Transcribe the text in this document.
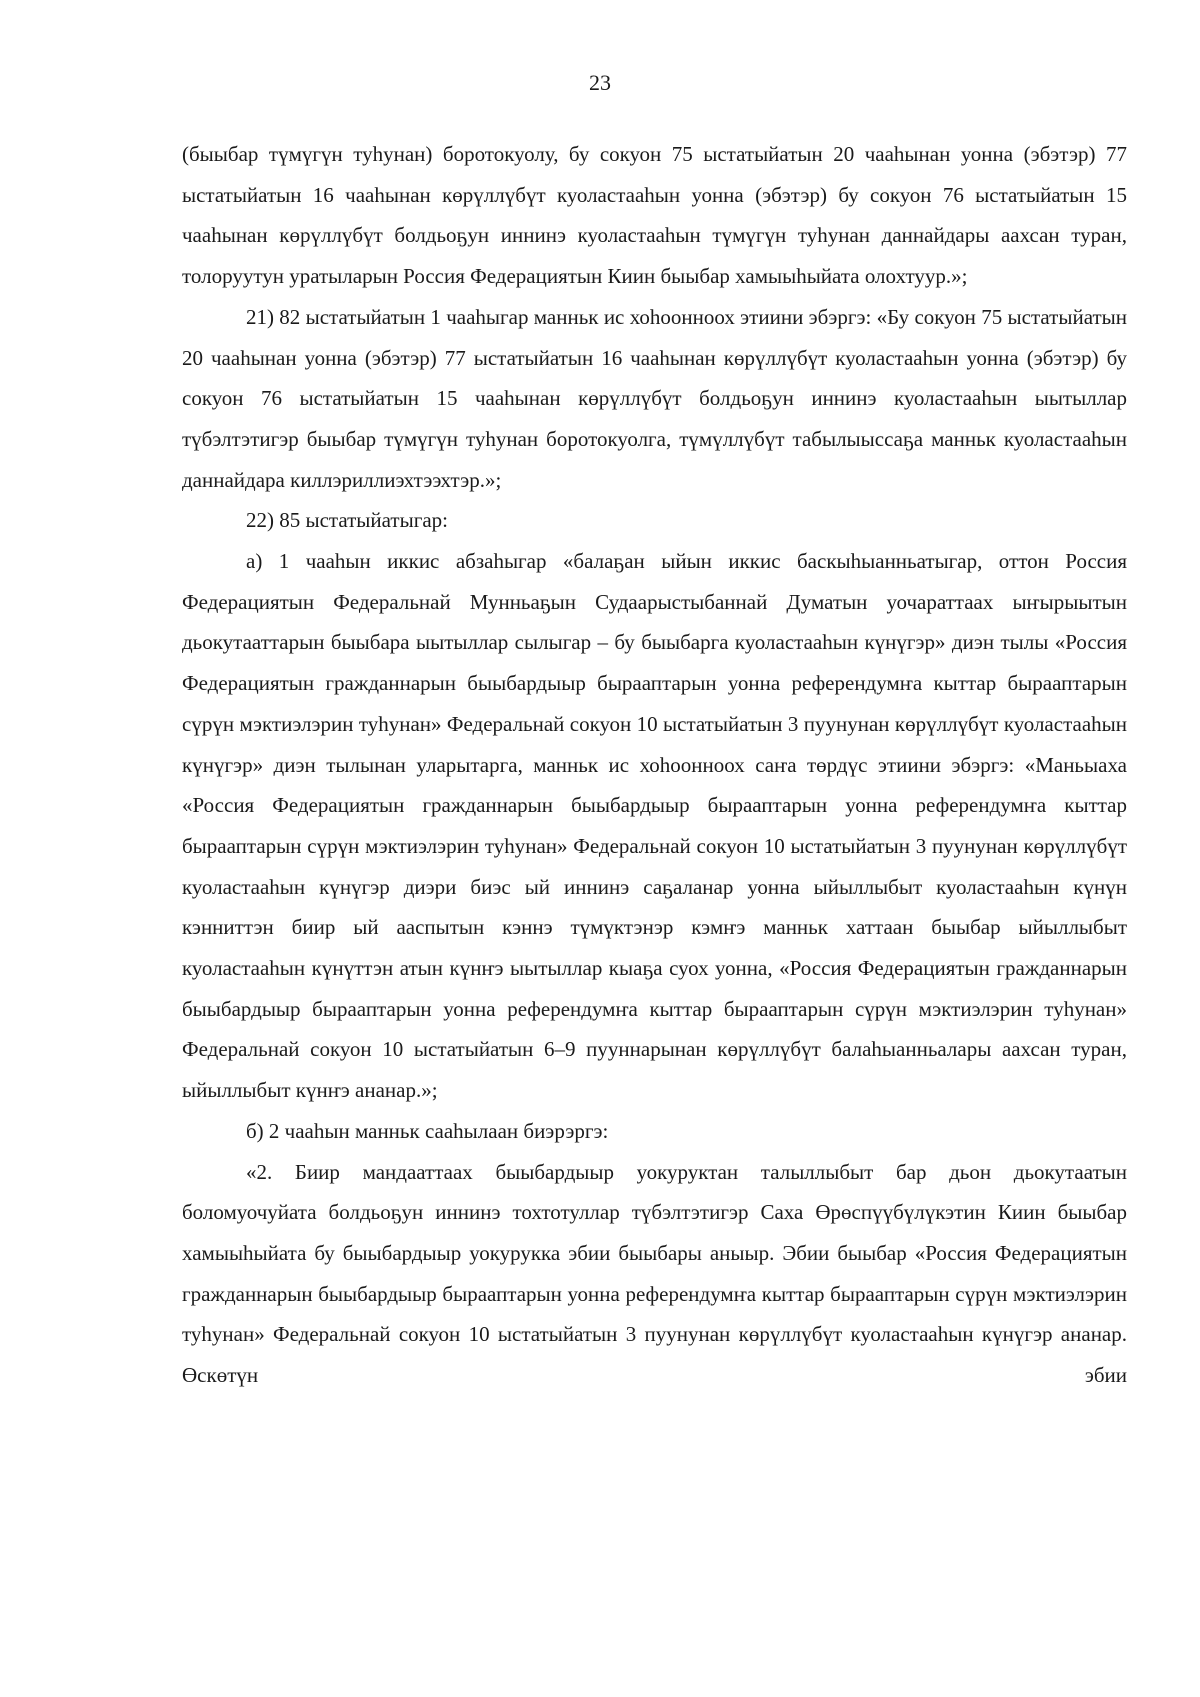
23

(быыбар түмүгүн туһунан) боротокуолу, бу сокуон 75 ыстатыйатын 20 чааһынан уонна (эбэтэр) 77 ыстатыйатын 16 чааһынан көрүллүбүт куоластааһын уонна (эбэтэр) бу сокуон 76 ыстатыйатын 15 чааһынан көрүллүбүт болдьоҕун иннинэ куоластааһын түмүгүн туһунан даннайдары аахсан туран, толоруутун уратыларын Россия Федерациятын Киин быыбар хамыыһыйата олохтуур.»;

21) 82 ыстатыйатын 1 чааһыгар манньк ис хоһоонноох этиини эбэргэ: «Бу сокуон 75 ыстатыйатын 20 чааһынан уонна (эбэтэр) 77 ыстатыйатын 16 чааһынан көрүллүбүт куоластааһын уонна (эбэтэр) бу сокуон 76 ыстатыйатын 15 чааһынан көрүллүбүт болдьоҕун иннинэ куоластааһын ыытыллар түбэлтэтигэр быыбар түмүгүн туһунан боротокуолга, түмүллүбүт табылыыссаҕа манньк куоластааһын даннайдара киллэриллиэхтээхтэр.»;

22) 85 ыстатыйатыгар:

а) 1 чааһын иккис абзаһыгар «балаҕан ыйын иккис баскыһыанньатыгар, оттон Россия Федерациятын Федеральнай Мунньаҕын Судаарыстыбаннай Думатын уочараттаах ыҥырыытын дьокутааттарын быыбара ыытыллар сылыгар – бу быыбарга куоластааһын күнүгэр» диэн тылы «Россия Федерациятын гражданнарын быыбардыыр бырааптарын уонна референдумҥа кыттар бырааптарын сүрүн мэктиэлэрин туһунан» Федеральнай сокуон 10 ыстатыйатын 3 пуунунан көрүллүбүт куоластааһын күнүгэр» диэн тылынан уларытарга, манньк ис хоһоонноох саҥа төрдүс этиини эбэргэ: «Маньыаха «Россия Федерациятын гражданнарын быыбардыыр бырааптарын уонна референдумҥа кыттар бырааптарын сүрүн мэктиэлэрин туһунан» Федеральнай сокуон 10 ыстатыйатын 3 пуунунан көрүллүбүт куоластааһын күнүгэр диэри биэс ый иннинэ саҕаланар уонна ыйыллыбыт куоластааһын күнүн кэнниттэн биир ый ааспытын кэннэ түмүктэнэр кэмҥэ манньк хаттаан быыбар ыйыллыбыт куоластааһын күнүттэн атын күнҥэ ыытыллар кыаҕа суох уонна, «Россия Федерациятын гражданнарын быыбардыыр бырааптарын уонна референдумҥа кыттар бырааптарын сүрүн мэктиэлэрин туһунан» Федеральнай сокуон 10 ыстатыйатын 6–9 пууннарынан көрүллүбүт балаһыанньалары аахсан туран, ыйыллыбыт күнҥэ ананар.»;

б) 2 чааһын манньк сааһылаан биэрэргэ:

«2. Биир мандааттаах быыбардыыр уокуруктан талыллыбыт бар дьон дьокутаатын боломуочуйата болдьоҕун иннинэ тохтотуллар түбэлтэтигэр Саха Өрөспүүбүлүкэтин Киин быыбар хамыыһыйата бу быыбардыыр уокурукка эбии быыбары аныыр. Эбии быыбар «Россия Федерациятын гражданнарын быыбардыыр бырааптарын уонна референдумҥа кыттар бырааптарын сүрүн мэктиэлэрин туһунан» Федеральнай сокуон 10 ыстатыйатын 3 пуунунан көрүллүбүт куоластааһын күнүгэр ананар. Өскөтүн эбии
